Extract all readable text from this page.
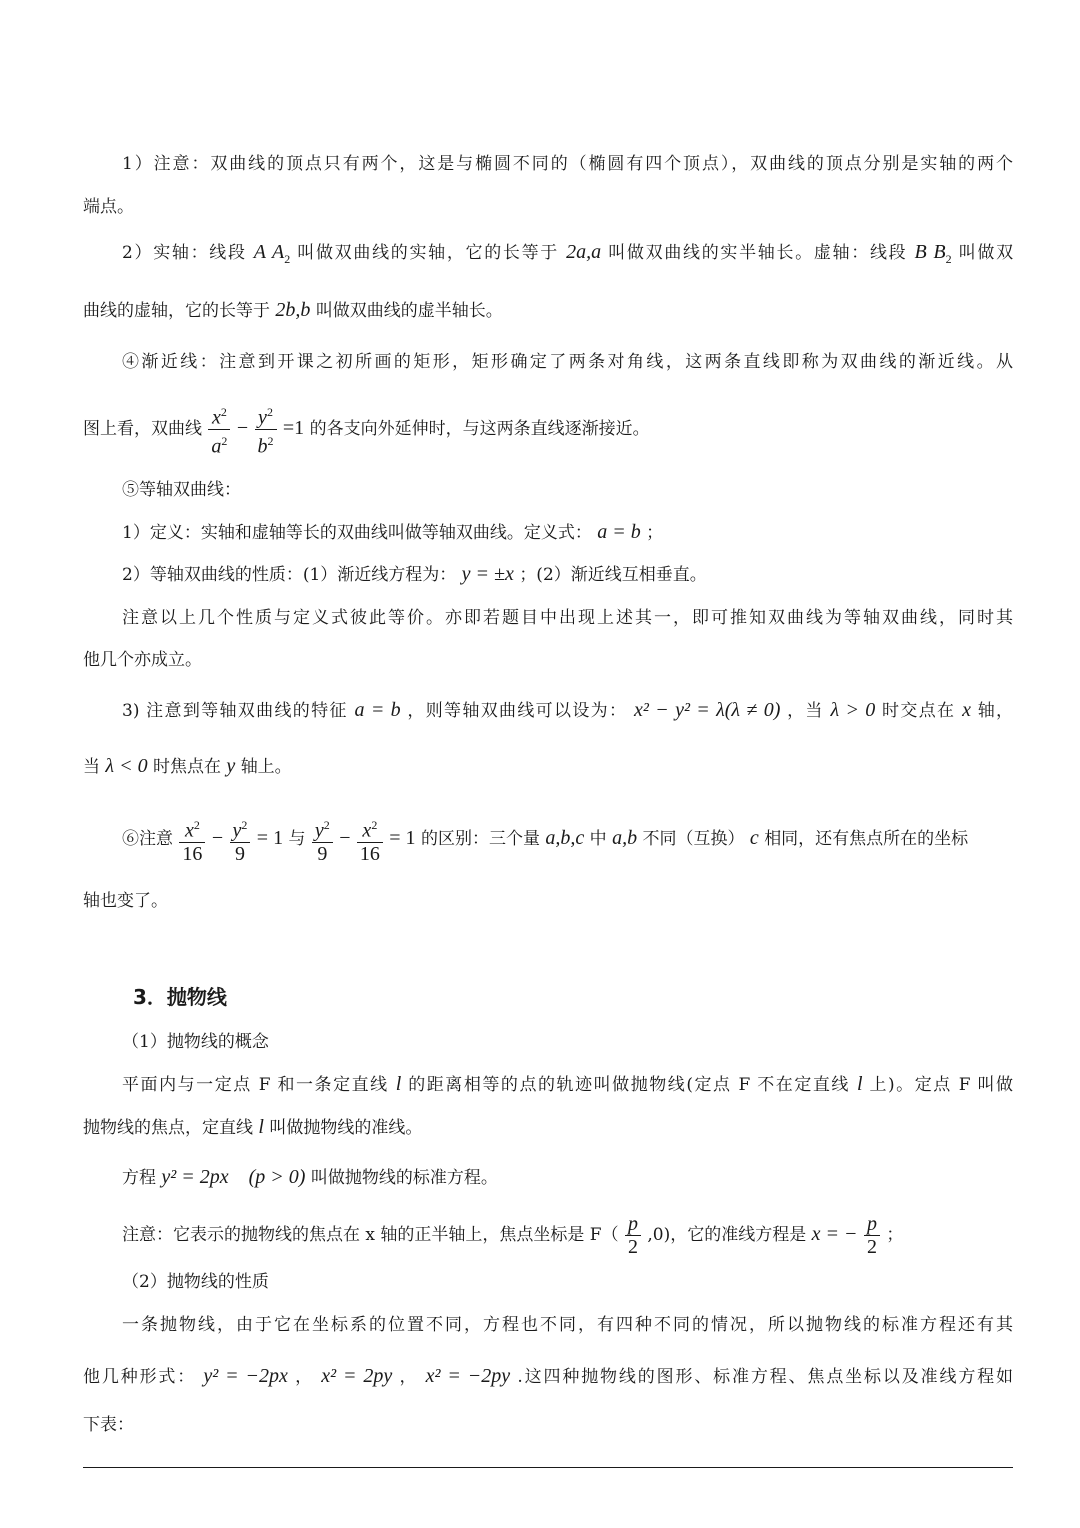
1）注意：双曲线的顶点只有两个，这是与椭圆不同的（椭圆有四个顶点），双曲线的顶点分别是实轴的两个
端点。
2）实轴：线段 A $A_2$ 叫做双曲线的实轴，它的长等于 2a,a 叫做双曲线的实半轴长。虚轴：线段 B $B_2$ 叫做双
曲线的虚轴，它的长等于 2b,b 叫做双曲线的虚半轴长。
④渐近线：注意到开课之初所画的矩形，矩形确定了两条对角线，这两条直线即称为双曲线的渐近线。从
图上看，双曲线 $\frac{x^2}{a^2} - \frac{y^2}{b^2} =1$ 的各支向外延伸时，与这两条直线逐渐接近。
⑤等轴双曲线：
1）定义：实轴和虚轴等长的双曲线叫做等轴双曲线。定义式： a = b ；
2）等轴双曲线的性质：(1）渐近线方程为： y = ±x ；(2）渐近线互相垂直。
注意以上几个性质与定义式彼此等价。亦即若题目中出现上述其一，即可推知双曲线为等轴双曲线，同时其
他几个亦成立。
3) 注意到等轴双曲线的特征 a = b ，则等轴双曲线可以设为： x² − y² = λ(λ ≠ 0) ，当 λ > 0 时交点在 x 轴，
当 λ < 0 时焦点在 y 轴上。
⑥注意 $\frac{x^2}{16} - \frac{y^2}{9} = 1$ 与 $\frac{y^2}{9} - \frac{x^2}{16} = 1$ 的区别：三个量 a,b,c 中 a,b 不同（互换） c 相同，还有焦点所在的坐标
轴也变了。
3．抛物线
（1）抛物线的概念
平面内与一定点 F 和一条定直线 l 的距离相等的点的轨迹叫做抛物线(定点 F 不在定直线 l 上)。定点 F 叫做
抛物线的焦点，定直线 l 叫做抛物线的准线。
方程 y² = 2px　(p > 0) 叫做抛物线的标准方程。
注意：它表示的抛物线的焦点在 x 轴的正半轴上，焦点坐标是 $F( \frac{p}{2} ,0)$，它的准线方程是 x = − $\frac{p}{2}$ ；
（2）抛物线的性质
一条抛物线，由于它在坐标系的位置不同，方程也不同，有四种不同的情况，所以抛物线的标准方程还有其
他几种形式： y² = −2px ， x² = 2py ， x² = −2py .这四种抛物线的图形、标准方程、焦点坐标以及准线方程如
下表：
